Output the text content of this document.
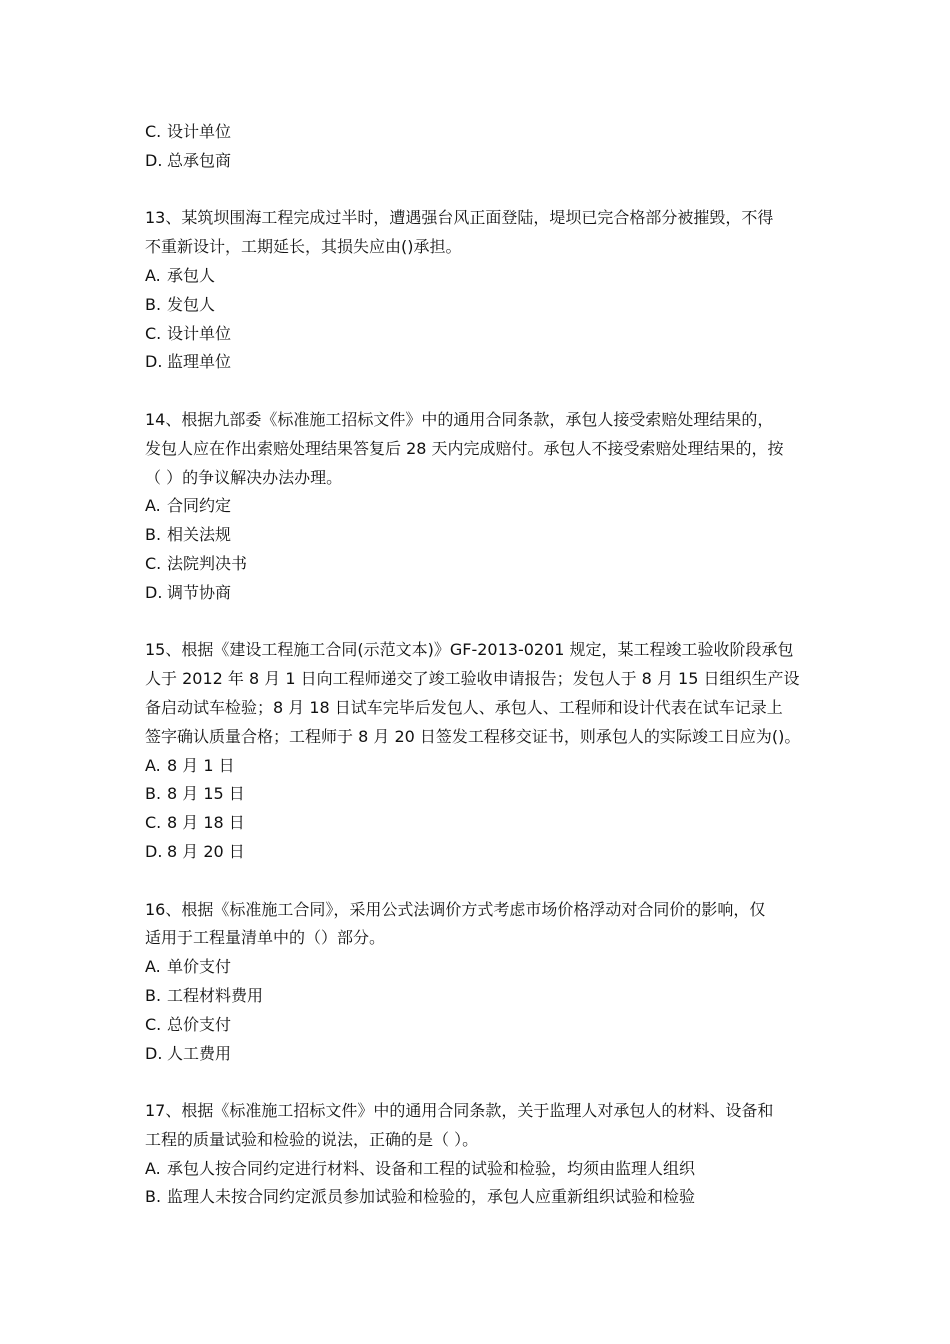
C. 设计单位

D. 总承包商

13、某筑坝围海工程完成过半时，遭遇强台风正面登陆，堤坝已完合格部分被摧毁，不得

不重新设计，工期延长，其损失应由()承担。

A. 承包人

B. 发包人

C. 设计单位

D. 监理单位

14、根据九部委《标准施工招标文件》中的通用合同条款，承包人接受索赔处理结果的，

发包人应在作出索赔处理结果答复后 28 天内完成赔付。承包人不接受索赔处理结果的，按

（ ）的争议解决办法办理。

A. 合同约定

B. 相关法规

C. 法院判决书

D. 调节协商

15、根据《建设工程施工合同(示范文本)》GF-2013-0201 规定，某工程竣工验收阶段承包

人于 2012 年 8 月 1 日向工程师递交了竣工验收申请报告；发包人于 8 月 15 日组织生产设

备启动试车检验；8 月 18 日试车完毕后发包人、承包人、工程师和设计代表在试车记录上

签字确认质量合格；工程师于 8 月 20 日签发工程移交证书，则承包人的实际竣工日应为()。

A. 8 月 1 日

B. 8 月 15 日

C. 8 月 18 日

D. 8 月 20 日

16、根据《标准施工合同》，采用公式法调价方式考虑市场价格浮动对合同价的影响，仅

适用于工程量清单中的（）部分。

A. 单价支付

B. 工程材料费用

C. 总价支付

D. 人工费用

17、根据《标准施工招标文件》中的通用合同条款，关于监理人对承包人的材料、设备和

工程的质量试验和检验的说法，正确的是（ ）。

A. 承包人按合同约定进行材料、设备和工程的试验和检验，均须由监理人组织

B. 监理人未按合同约定派员参加试验和检验的，承包人应重新组织试验和检验
